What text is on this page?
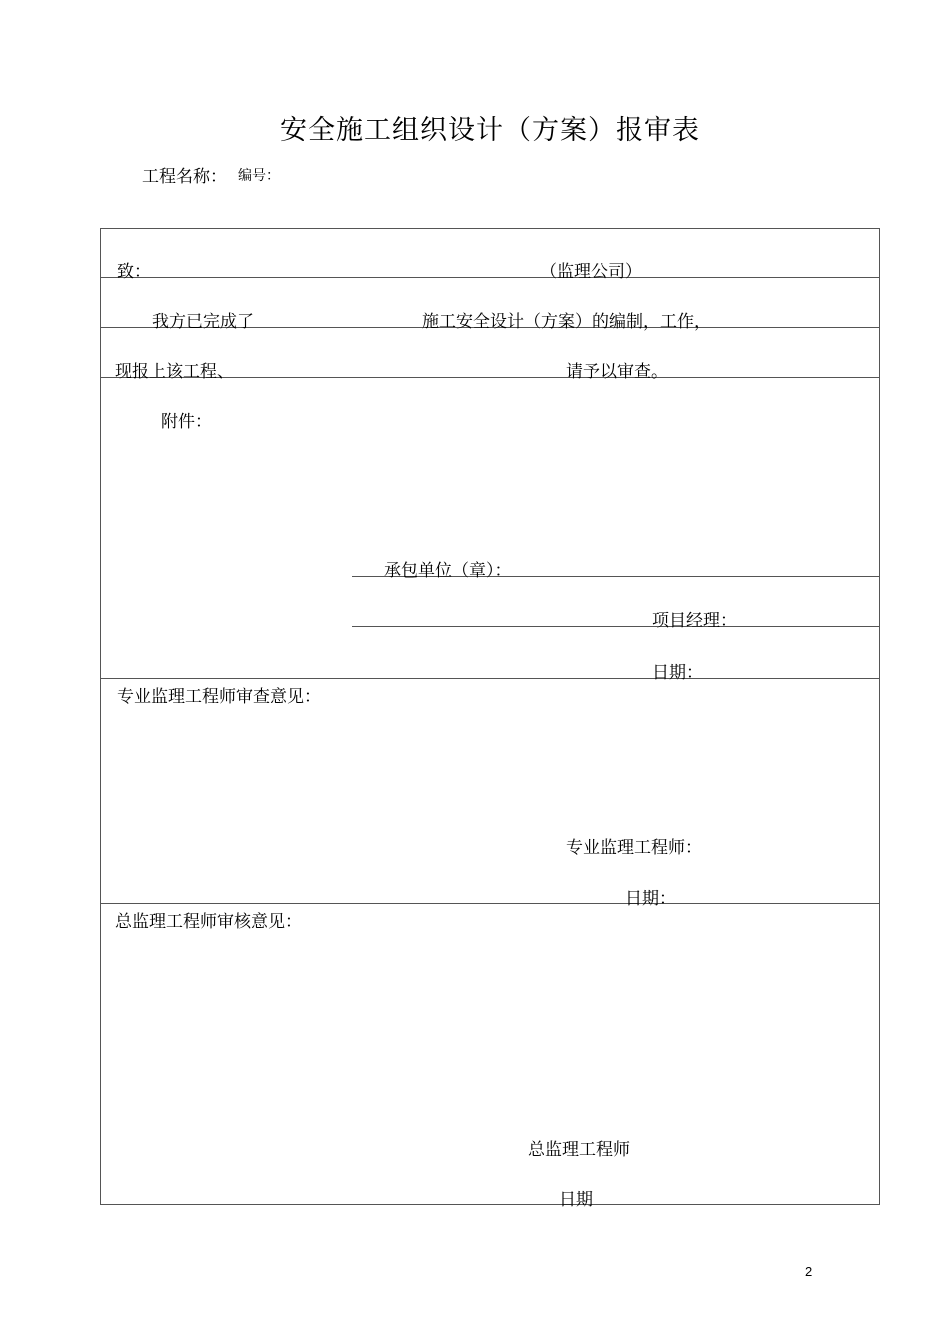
安全施工组织设计（方案）报审表
工程名称： 编号：
致：	（监理公司）
我方已完成了	施工安全设计（方案）的编制，工作，
现报上该工程、	请予以审查。
附件：
承包单位（章）：
项目经理：
日期：
专业监理工程师审查意见：
专业监理工程师：
日期：
总监理工程师审核意见：
总监理工程师
日期
2
